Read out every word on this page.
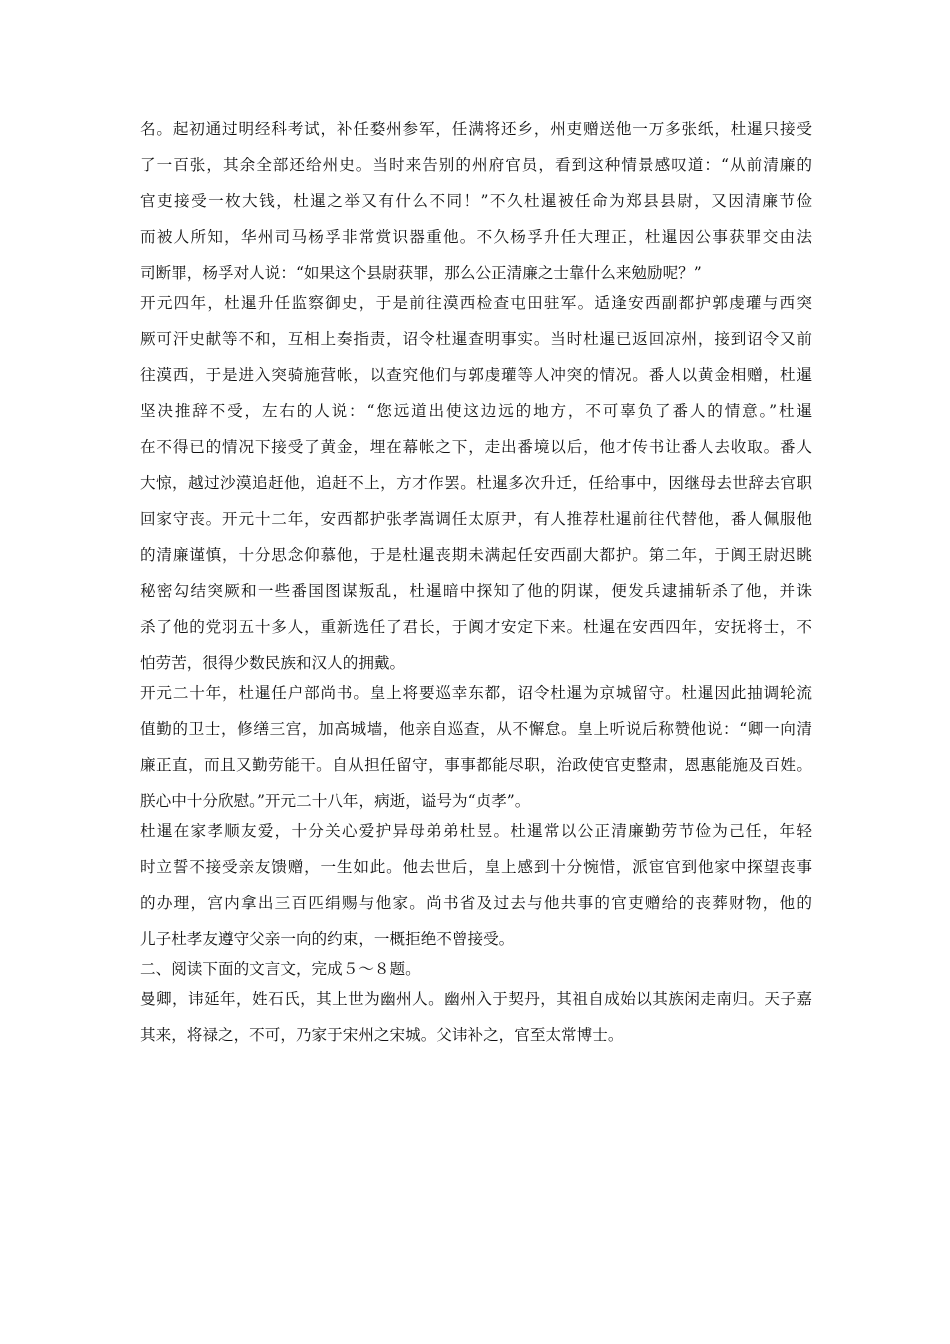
名。起初通过明经科考试，补任婺州参军，任满将还乡，州吏赠送他一万多张纸，杜暹只接受

了一百张，其余全部还给州史。当时来告别的州府官员，看到这种情景感叹道：“从前清廉的

官吏接受一枚大钱，杜暹之举又有什么不同！”不久杜暹被任命为郑县县尉，又因清廉节俭

而被人所知，华州司马杨孚非常赏识器重他。不久杨孚升任大理正，杜暹因公事获罪交由法

司断罪，杨孚对人说：“如果这个县尉获罪，那么公正清廉之士靠什么来勉励呢？”

开元四年，杜暹升任监察御史，于是前往漠西检查屯田驻军。适逢安西副都护郭虔瓘与西突

厥可汗史献等不和，互相上奏指责，诏令杜暹查明事实。当时杜暹已返回凉州，接到诏令又前

往漠西，于是进入突骑施营帐，以查究他们与郭虔瓘等人冲突的情况。番人以黄金相赠，杜暹

坚决推辞不受，左右的人说：“您远道出使这边远的地方，不可辜负了番人的情意。”杜暹

在不得已的情况下接受了黄金，埋在幕帐之下，走出番境以后，他才传书让番人去收取。番人

大惊，越过沙漠追赶他，追赶不上，方才作罢。杜暹多次升迁，任给事中，因继母去世辞去官职

回家守丧。开元十二年，安西都护张孝嵩调任太原尹，有人推荐杜暹前往代替他，番人佩服他

的清廉谨慎，十分思念仰慕他，于是杜暹丧期未满起任安西副大都护。第二年，于阗王尉迟眺

秘密勾结突厥和一些番国图谋叛乱，杜暹暗中探知了他的阴谋，便发兵逮捕斩杀了他，并诛

杀了他的党羽五十多人，重新选任了君长，于阗才安定下来。杜暹在安西四年，安抚将士，不

怕劳苦，很得少数民族和汉人的拥戴。

开元二十年，杜暹任户部尚书。皇上将要巡幸东都，诏令杜暹为京城留守。杜暹因此抽调轮流

值勤的卫士，修缮三宫，加高城墙，他亲自巡查，从不懈怠。皇上听说后称赞他说：“卿一向清

廉正直，而且又勤劳能干。自从担任留守，事事都能尽职，治政使官吏整肃，恩惠能施及百姓。

朕心中十分欣慰。”开元二十八年，病逝，谥号为“贞孝”。

杜暹在家孝顺友爱，十分关心爱护异母弟弟杜昱。杜暹常以公正清廉勤劳节俭为己任，年轻

时立誓不接受亲友馈赠，一生如此。他去世后，皇上感到十分惋惜，派宦官到他家中探望丧事

的办理，宫内拿出三百匹绢赐与他家。尚书省及过去与他共事的官吏赠给的丧葬财物，他的

儿子杜孝友遵守父亲一向的约束，一概拒绝不曾接受。

二、阅读下面的文言文，完成５～８题。

曼卿，讳延年，姓石氏，其上世为幽州人。幽州入于契丹，其祖自成始以其族闲走南归。天子嘉

其来，将禄之，不可，乃家于宋州之宋城。父讳补之，官至太常博士。
